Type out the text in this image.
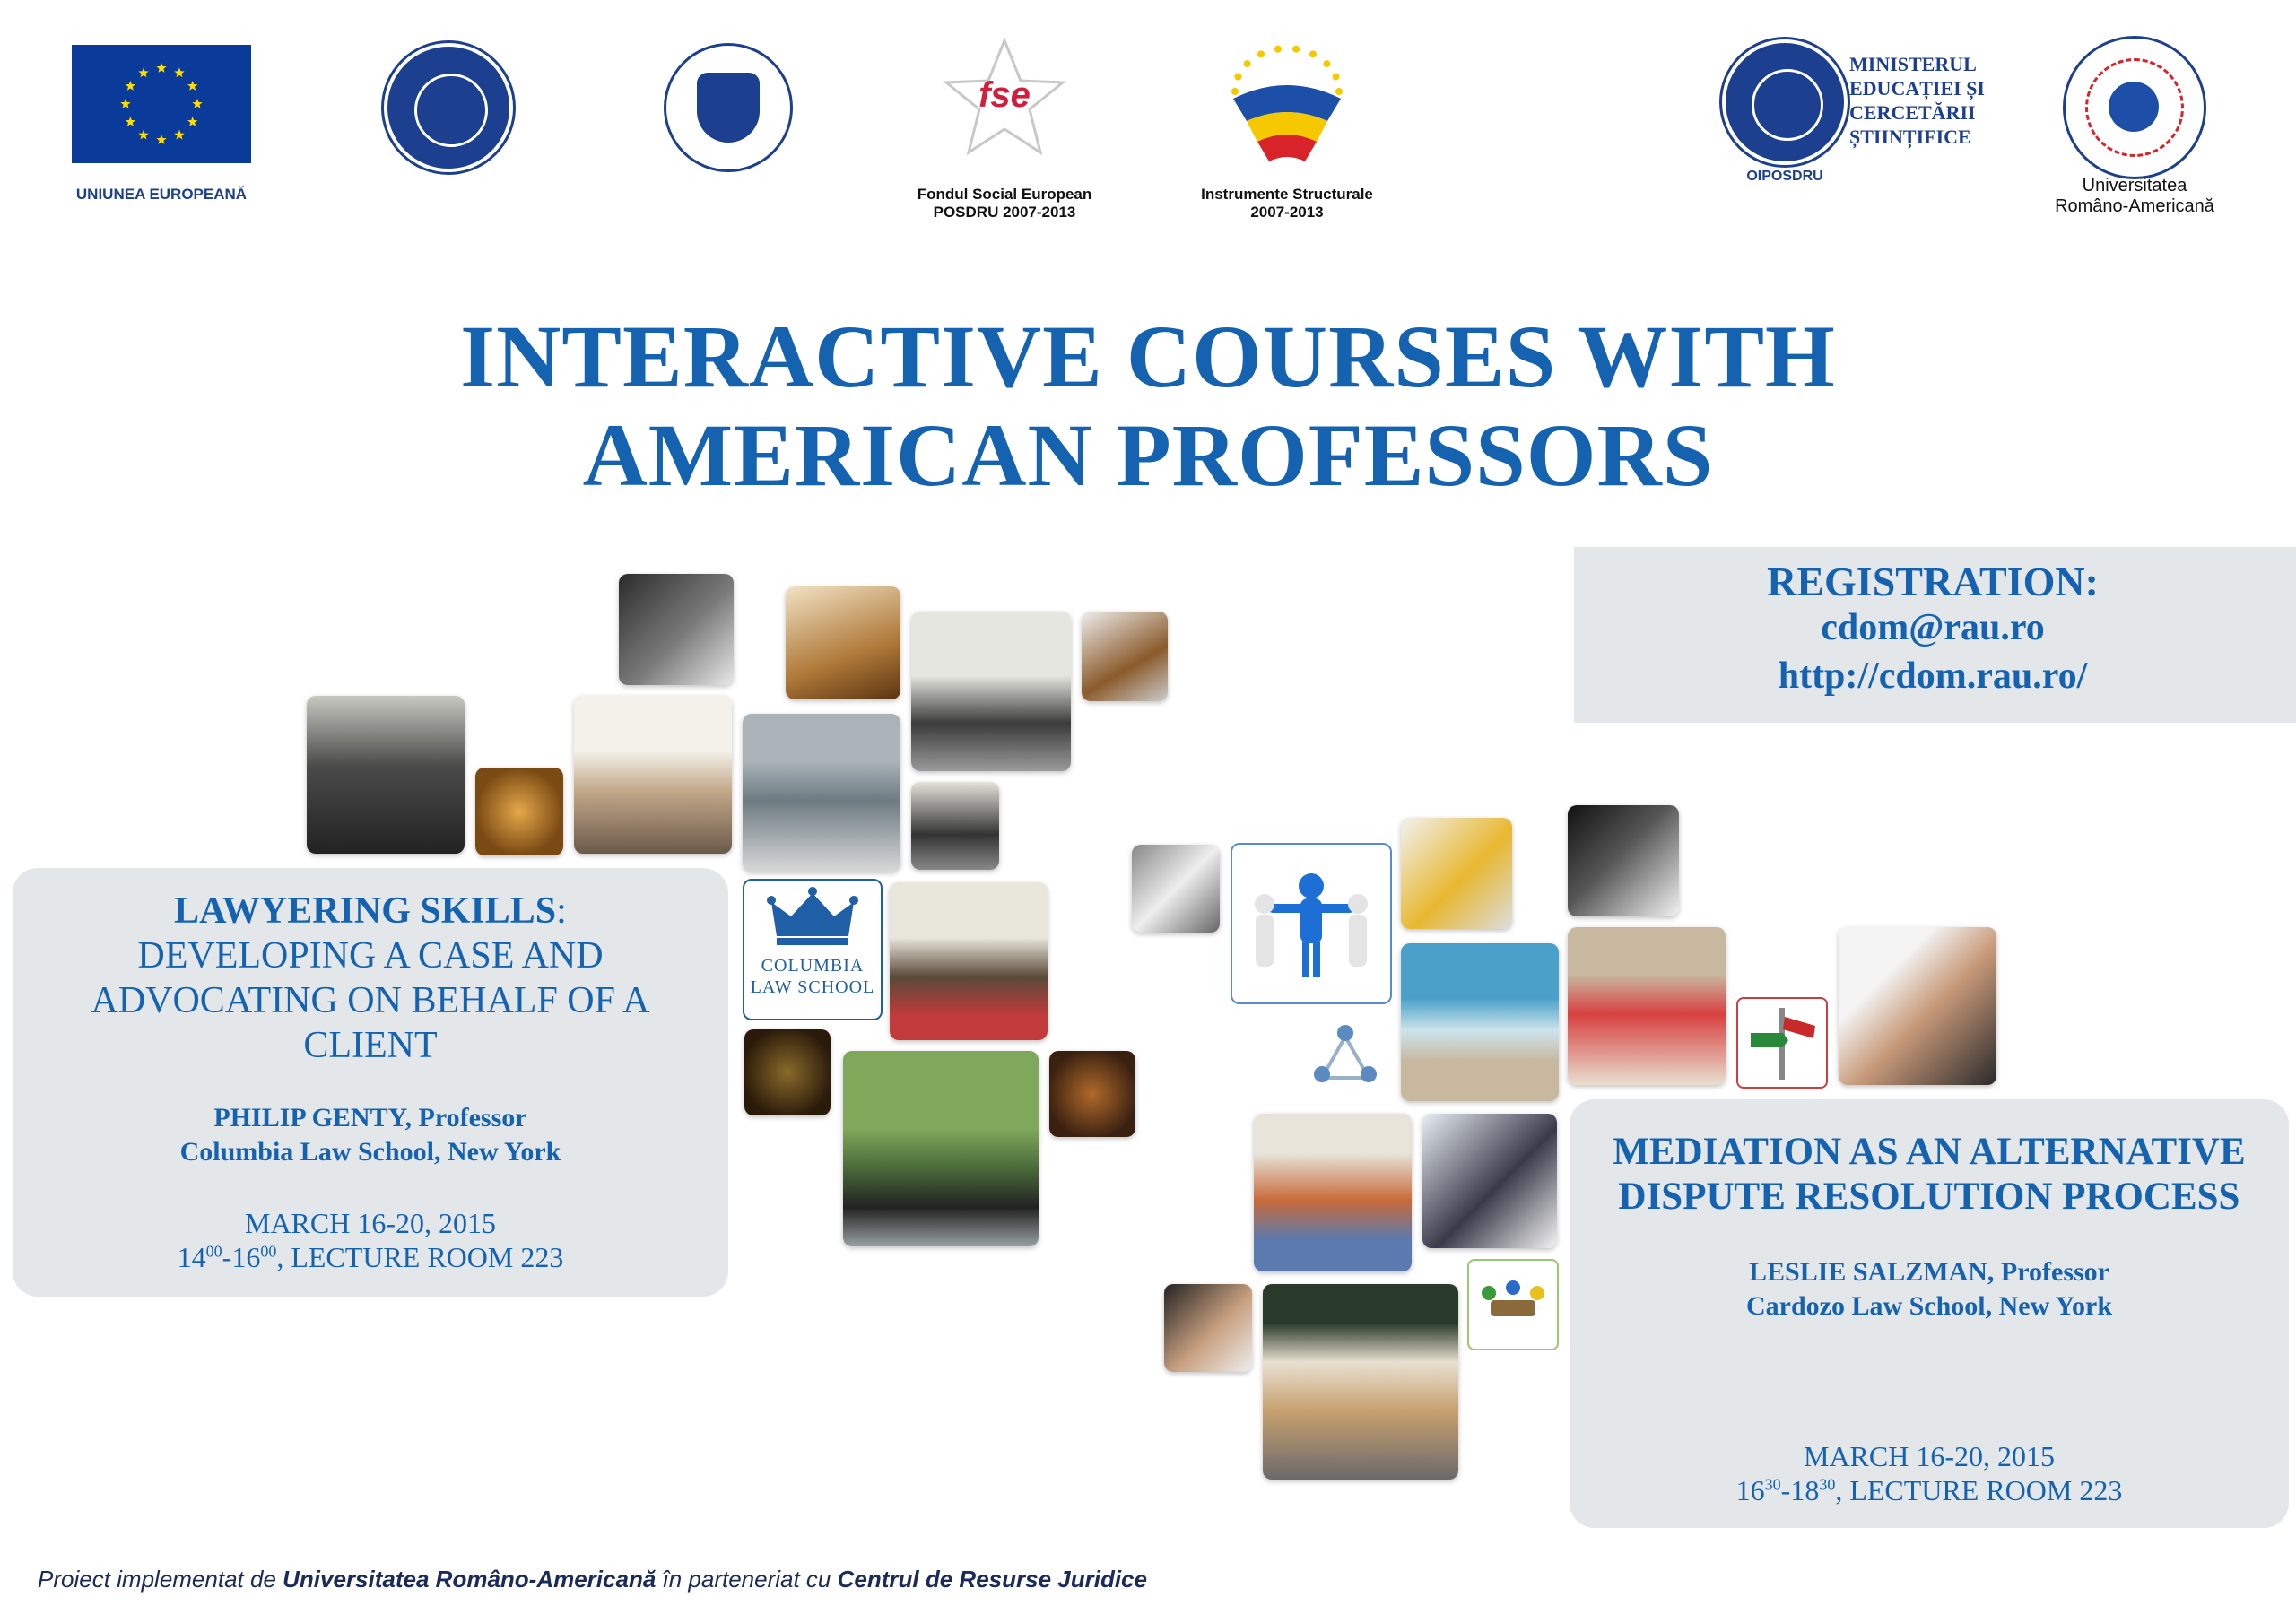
UNIUNEA EUROPEANĂ
fse
Fondul Social European
POSDRU 2007-2013
Instrumente Structurale
2007-2013
MINISTERUL
EDUCAȚIEI ȘI
CERCETĂRII
ȘTIINȚIFICE
OIPOSDRU	Universitatea
Româno-Americană
INTERACTIVE COURSES WITH
AMERICAN PROFESSORS
REGISTRATION:
cdom@rau.ro
http://cdom.rau.ro/
LAWYERING SKILLS:
DEVELOPING A CASE AND
ADVOCATING ON BEHALF OF A
CLIENT
PHILIP GENTY, Professor
Columbia Law School, New York
MARCH 16-20, 2015
$14^{00}-16^{00}$, LECTURE ROOM 223
MEDIATION AS AN ALTERNATIVE
DISPUTE RESOLUTION PROCESS
LESLIE SALZMAN, Professor
Cardozo Law School, New York
MARCH 16-20, 2015
$16^{30}-18^{30}$, LECTURE ROOM 223
COLUMBIA
LAW SCHOOL
Proiect implementat de Universitatea Româno-Americană în parteneriat cu Centrul de Resurse Juridice
